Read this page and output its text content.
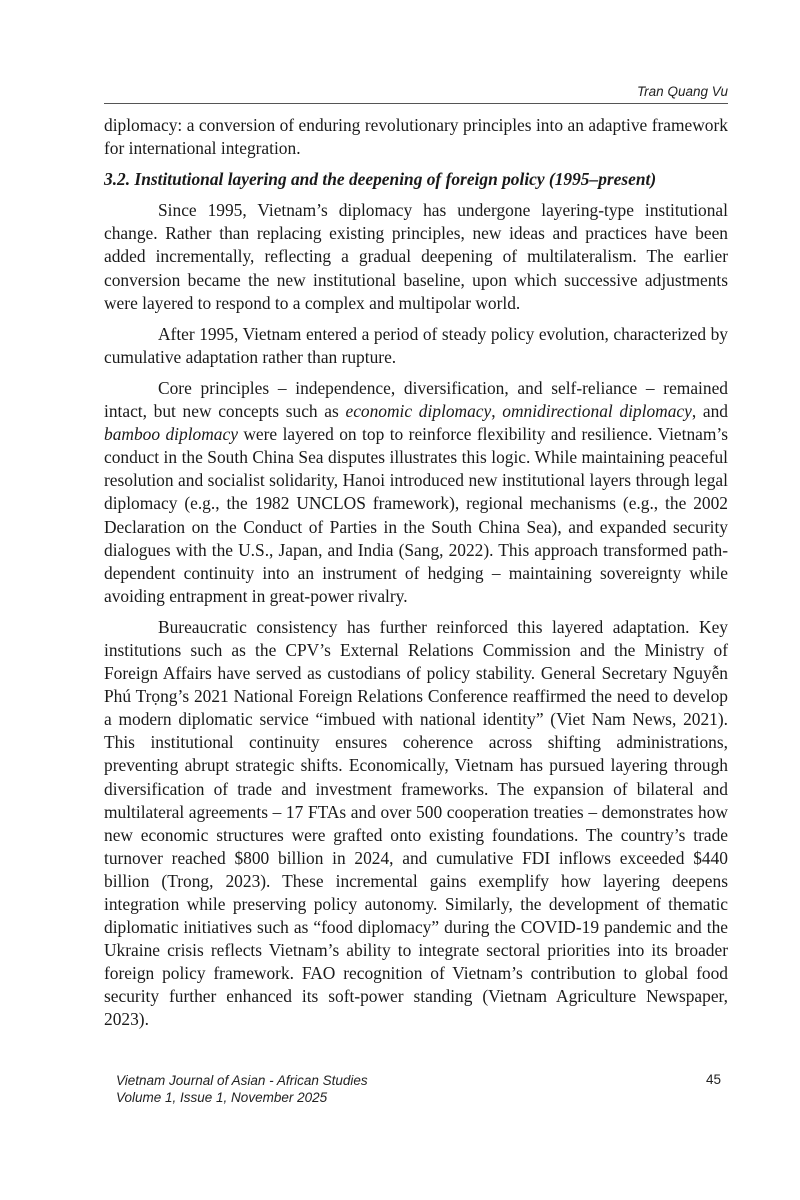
Tran Quang Vu

diplomacy: a conversion of enduring revolutionary principles into an adaptive framework for international integration.

3.2. Institutional layering and the deepening of foreign policy (1995–present)

Since 1995, Vietnam’s diplomacy has undergone layering-type institutional change. Rather than replacing existing principles, new ideas and practices have been added incrementally, reflecting a gradual deepening of multilateralism. The earlier conversion became the new institutional baseline, upon which successive adjustments were layered to respond to a complex and multipolar world.

After 1995, Vietnam entered a period of steady policy evolution, characterized by cumulative adaptation rather than rupture.

Core principles – independence, diversification, and self-reliance – remained intact, but new concepts such as economic diplomacy, omnidirectional diplomacy, and bamboo diplomacy were layered on top to reinforce flexibility and resilience. Vietnam’s conduct in the South China Sea disputes illustrates this logic. While maintaining peaceful resolution and socialist solidarity, Hanoi introduced new institutional layers through legal diplomacy (e.g., the 1982 UNCLOS framework), regional mechanisms (e.g., the 2002 Declaration on the Conduct of Parties in the South China Sea), and expanded security dialogues with the U.S., Japan, and India (Sang, 2022). This approach transformed path-dependent continuity into an instrument of hedging – maintaining sovereignty while avoiding entrapment in great-power rivalry.

Bureaucratic consistency has further reinforced this layered adaptation. Key institutions such as the CPV’s External Relations Commission and the Ministry of Foreign Affairs have served as custodians of policy stability. General Secretary Nguyễn Phú Trọng’s 2021 National Foreign Relations Conference reaffirmed the need to develop a modern diplomatic service “imbued with national identity” (Viet Nam News, 2021). This institutional continuity ensures coherence across shifting administrations, preventing abrupt strategic shifts. Economically, Vietnam has pursued layering through diversification of trade and investment frameworks. The expansion of bilateral and multilateral agreements – 17 FTAs and over 500 cooperation treaties – demonstrates how new economic structures were grafted onto existing foundations. The country’s trade turnover reached $800 billion in 2024, and cumulative FDI inflows exceeded $440 billion (Trong, 2023). These incremental gains exemplify how layering deepens integration while preserving policy autonomy. Similarly, the development of thematic diplomatic initiatives such as “food diplomacy” during the COVID-19 pandemic and the Ukraine crisis reflects Vietnam’s ability to integrate sectoral priorities into its broader foreign policy framework. FAO recognition of Vietnam’s contribution to global food security further enhanced its soft-power standing (Vietnam Agriculture Newspaper, 2023).

Vietnam Journal of Asian - African Studies
Volume 1, Issue 1, November 2025
45
